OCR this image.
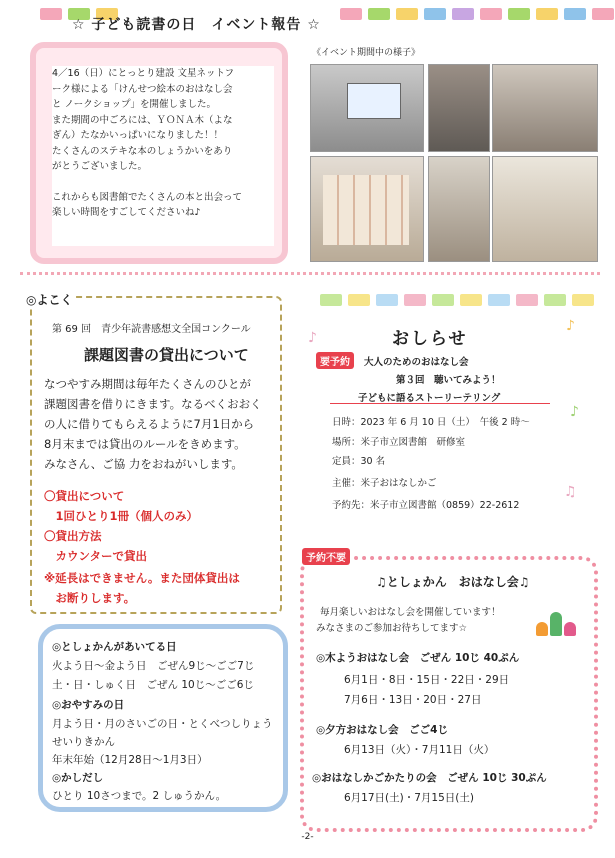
☆ 子ども読書の日　イベント報告 ☆

4／16（日）にとっとり建設 文星ネットフ

ーク様による「けんせつ絵本のおはなし会

と ノークショップ」を開催しました。

また期間の中ごろには、ＹＯＮＡ木（よな

ぎん）たなかいっぱいになりました！！

たくさんのステキな本のしょうかいをあり

がとうございました。

これからも図書館でたくさんの本と出会って

楽しい時間をすごしてくださいね♪

《イベント期間中の様子》
◎よこく
第 69 回　青少年読書感想文全国コンクール
課題図書の貸出について
なつやすみ期間は毎年たくさんのひとが
課題図書を借りにきます。なるべくおおく
の人に借りてもらえるように7月1日から
8月末までは貸出のルールをきめます。
みなさん、ご協 力をおねがいします。
〇貸出について
　1回ひとり1冊（個人のみ）
〇貸出方法
　カウンターで貸出
※延長はできません。また団体貸出は
　お断りします。
◎としょかんがあいてる日
火よう日～金よう日　ごぜん9じ～ごご7じ
土・日・しゅく日　ごぜん 10じ～ごご6じ
◎おやすみの日
月よう日・月のさいごの日・とくべつしりょう
せいりきかん
年末年始（12月28日～1月3日）
◎かしだし
ひとり 10さつまで。2 しゅうかん。
おしらせ
♪
♪
♪
♫
要予約	大人のためのおはなし会
第３回　聴いてみよう！
子どもに語るストーリーテリング
日時：2023 年 6 月 10 日（土）　午後 2 時～
場所：米子市立図書館　研修室
定員：30 名
主催：米子おはなしかご
予約先：米子市立図書館（0859）22-2612
予約不要
♫としょかん　おはなし会♫
毎月楽しいおはなし会を開催しています！
みなさまのご参加お待ちしてます☆
◎木ようおはなし会　ごぜん 10じ 40ぷん
6月1日・8日・15日・22日・29日
7月6日・13日・20日・27日
◎夕方おはなし会　ごご4じ
6月13日（火）・7月11日（火）
◎おはなしかごかたりの会　ごぜん 10じ 30ぷん
6月17日(土)・7月15日(土)
-2-
